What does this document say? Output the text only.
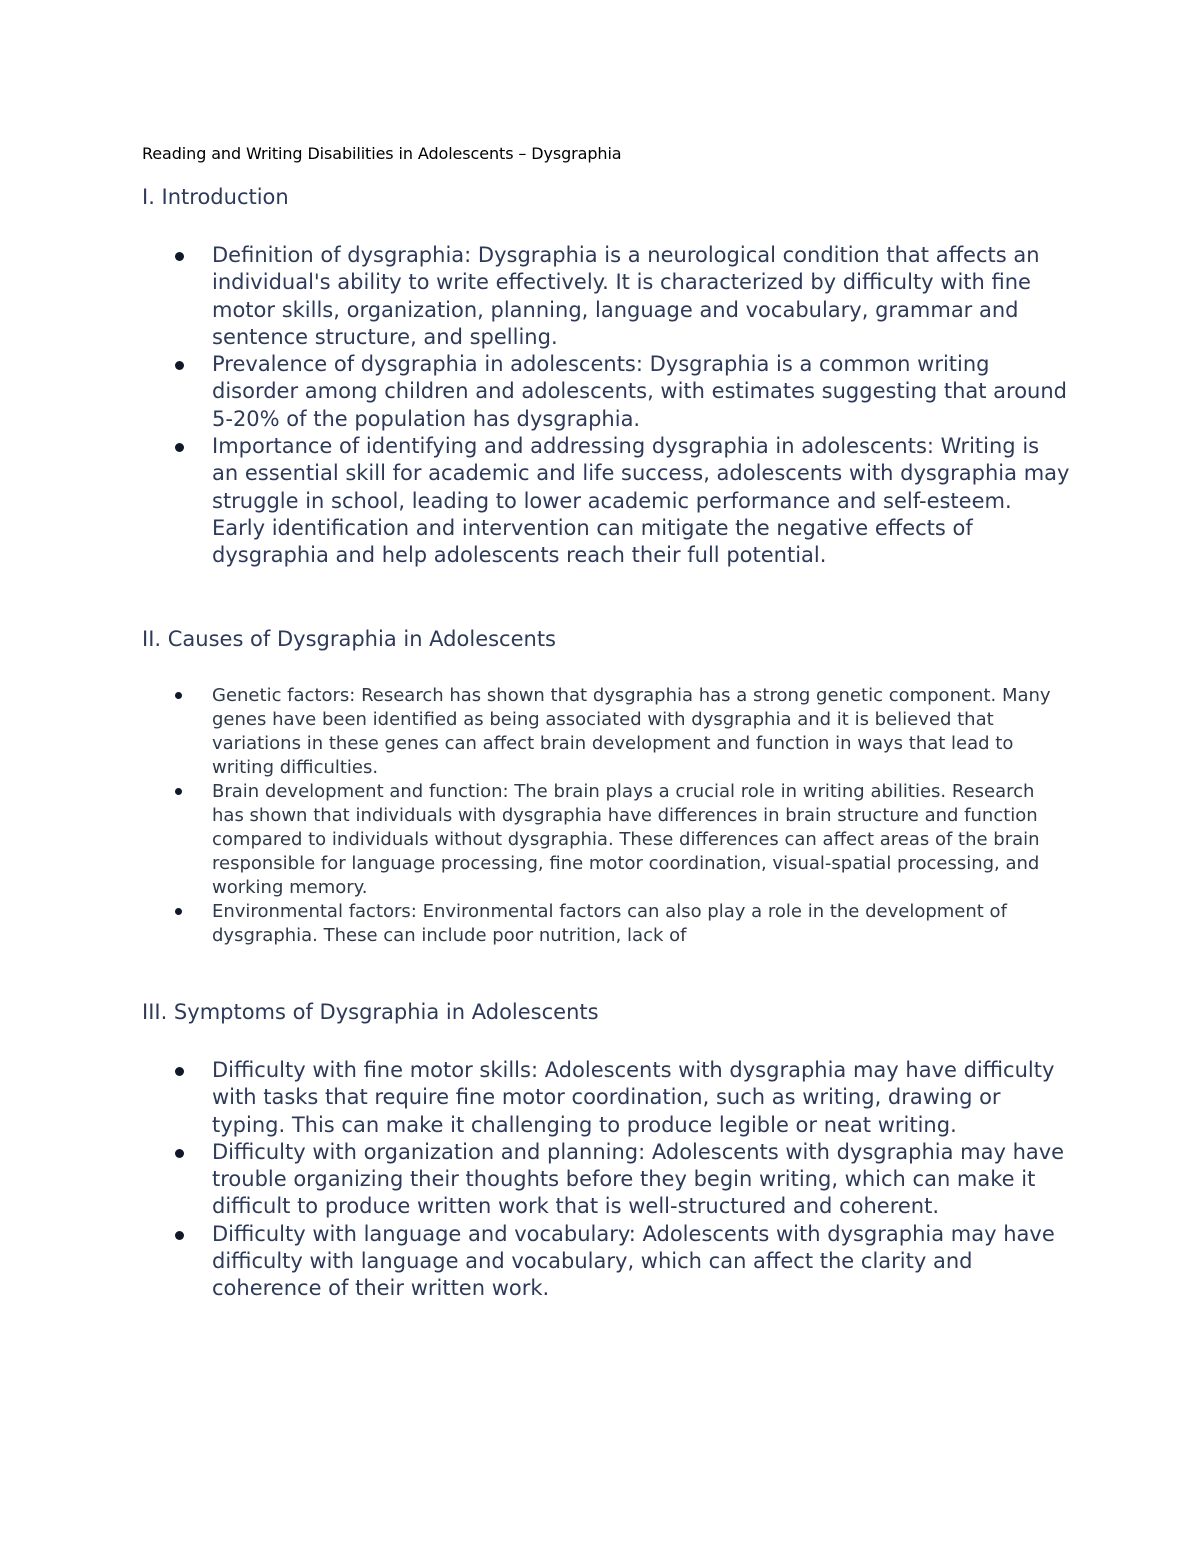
Reading and Writing Disabilities in Adolescents – Dysgraphia
I. Introduction
Definition of dysgraphia: Dysgraphia is a neurological condition that affects an individual's ability to write effectively. It is characterized by difficulty with fine motor skills, organization, planning, language and vocabulary, grammar and sentence structure, and spelling.
Prevalence of dysgraphia in adolescents: Dysgraphia is a common writing disorder among children and adolescents, with estimates suggesting that around 5-20% of the population has dysgraphia.
Importance of identifying and addressing dysgraphia in adolescents: Writing is an essential skill for academic and life success, adolescents with dysgraphia may struggle in school, leading to lower academic performance and self-esteem. Early identification and intervention can mitigate the negative effects of dysgraphia and help adolescents reach their full potential.
II. Causes of Dysgraphia in Adolescents
Genetic factors: Research has shown that dysgraphia has a strong genetic component. Many genes have been identified as being associated with dysgraphia and it is believed that variations in these genes can affect brain development and function in ways that lead to writing difficulties.
Brain development and function: The brain plays a crucial role in writing abilities. Research has shown that individuals with dysgraphia have differences in brain structure and function compared to individuals without dysgraphia. These differences can affect areas of the brain responsible for language processing, fine motor coordination, visual-spatial processing, and working memory.
Environmental factors: Environmental factors can also play a role in the development of dysgraphia. These can include poor nutrition, lack of
III. Symptoms of Dysgraphia in Adolescents
Difficulty with fine motor skills: Adolescents with dysgraphia may have difficulty with tasks that require fine motor coordination, such as writing, drawing or typing. This can make it challenging to produce legible or neat writing.
Difficulty with organization and planning: Adolescents with dysgraphia may have trouble organizing their thoughts before they begin writing, which can make it difficult to produce written work that is well-structured and coherent.
Difficulty with language and vocabulary: Adolescents with dysgraphia may have difficulty with language and vocabulary, which can affect the clarity and coherence of their written work.
